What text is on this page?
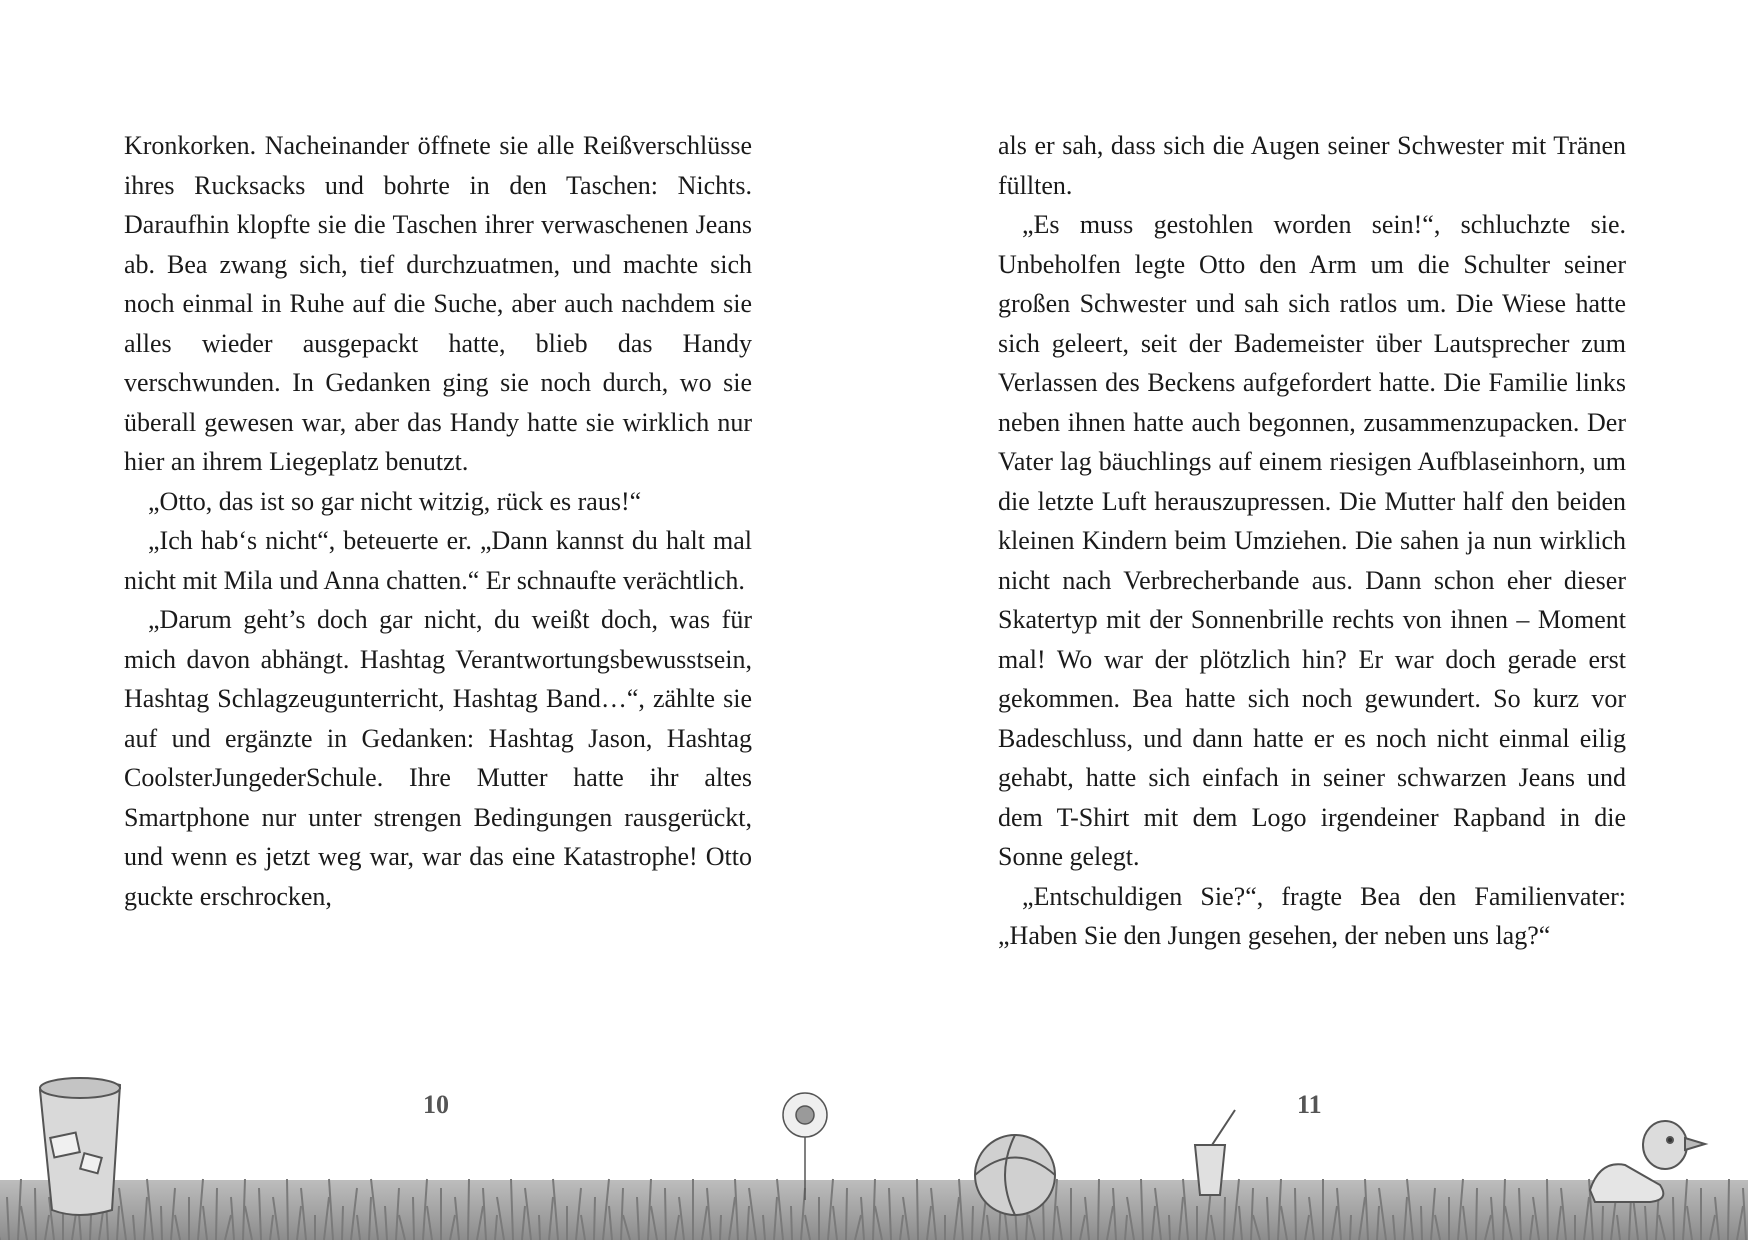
Kronkorken. Nacheinander öffnete sie alle Reißverschlüsse ihres Rucksacks und bohrte in den Taschen: Nichts. Daraufhin klopfte sie die Taschen ihrer verwaschenen Jeans ab. Bea zwang sich, tief durchzuatmen, und machte sich noch einmal in Ruhe auf die Suche, aber auch nachdem sie alles wieder ausgepackt hatte, blieb das Handy verschwunden. In Gedanken ging sie noch durch, wo sie überall gewesen war, aber das Handy hatte sie wirklich nur hier an ihrem Liegeplatz benutzt.

„Otto, das ist so gar nicht witzig, rück es raus!“

„Ich hab‘s nicht“, beteuerte er. „Dann kannst du halt mal nicht mit Mila und Anna chatten.“ Er schnaufte verächtlich.

„Darum geht’s doch gar nicht, du weißt doch, was für mich davon abhängt. Hashtag Verantwortungsbewusstsein, Hashtag Schlagzeugunterricht, Hashtag Band…“, zählte sie auf und ergänzte in Gedanken: Hashtag Jason, Hashtag CoolsterJungederSchule. Ihre Mutter hatte ihr altes Smartphone nur unter strengen Bedingungen rausgerückt, und wenn es jetzt weg war, war das eine Katastrophe! Otto guckte erschrocken,

als er sah, dass sich die Augen seiner Schwester mit Tränen füllten.

„Es muss gestohlen worden sein!“, schluchzte sie. Unbeholfen legte Otto den Arm um die Schulter seiner großen Schwester und sah sich ratlos um. Die Wiese hatte sich geleert, seit der Bademeister über Lautsprecher zum Verlassen des Beckens aufgefordert hatte. Die Familie links neben ihnen hatte auch begonnen, zusammenzupacken. Der Vater lag bäuchlings auf einem riesigen Aufblaseinhorn, um die letzte Luft herauszupressen. Die Mutter half den beiden kleinen Kindern beim Umziehen. Die sahen ja nun wirklich nicht nach Verbrecherbande aus. Dann schon eher dieser Skatertyp mit der Sonnenbrille rechts von ihnen – Moment mal! Wo war der plötzlich hin? Er war doch gerade erst gekommen. Bea hatte sich noch gewundert. So kurz vor Badeschluss, und dann hatte er es noch nicht einmal eilig gehabt, hatte sich einfach in seiner schwarzen Jeans und dem T-Shirt mit dem Logo irgendeiner Rapband in die Sonne gelegt.

„Entschuldigen Sie?“, fragte Bea den Familienvater: „Haben Sie den Jungen gesehen, der neben uns lag?“

10	11
